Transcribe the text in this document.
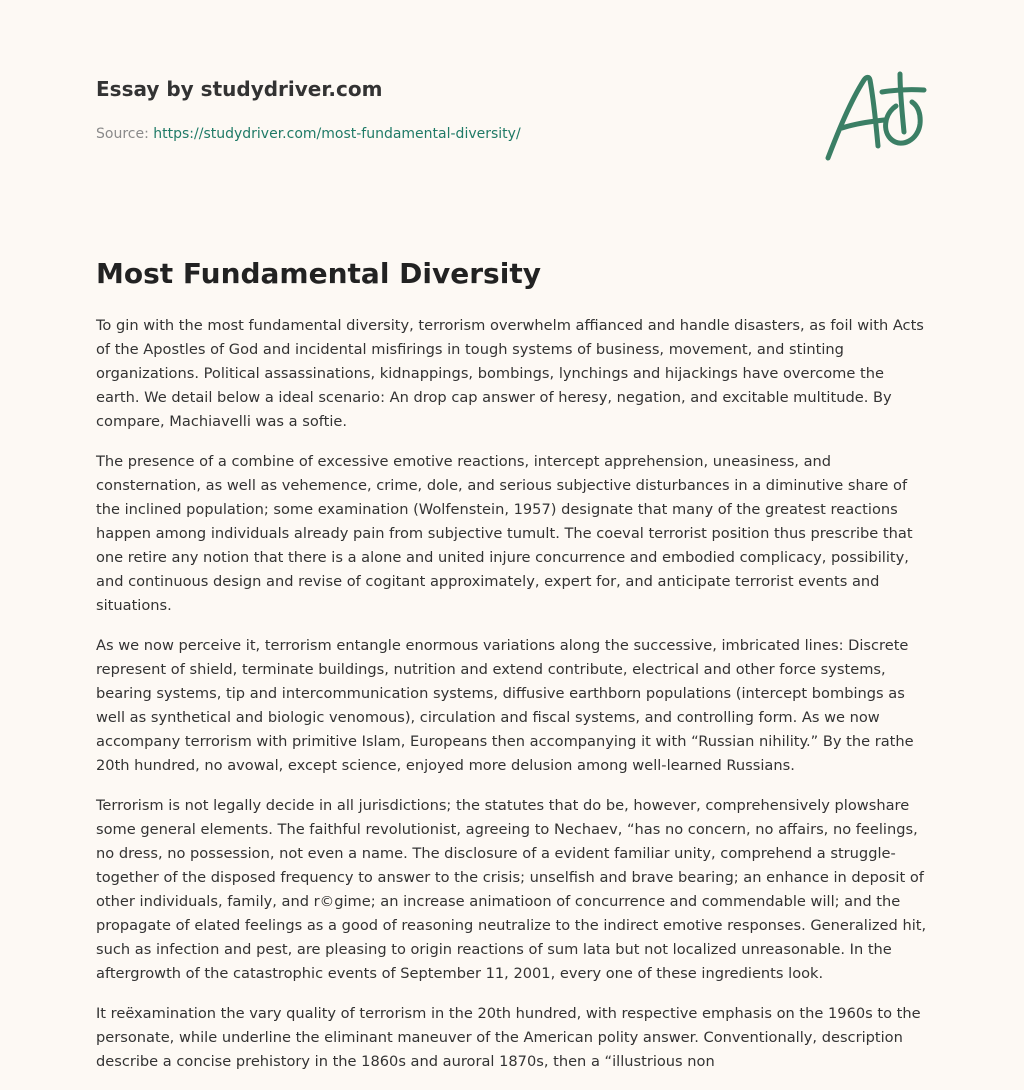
Essay by studydriver.com

Source: https://studydriver.com/most-fundamental-diversity/
Most Fundamental Diversity

To gin with the most fundamental diversity, terrorism overwhelm affianced and handle disasters, as foil with Acts of the Apostles of God and incidental misfirings in tough systems of business, movement, and stinting organizations. Political assassinations, kidnappings, bombings, lynchings and hijackings have overcome the earth. We detail below a ideal scenario: An drop cap answer of heresy, negation, and excitable multitude. By compare, Machiavelli was a softie.

The presence of a combine of excessive emotive reactions, intercept apprehension, uneasiness, and consternation, as well as vehemence, crime, dole, and serious subjective disturbances in a diminutive share of the inclined population; some examination (Wolfenstein, 1957) designate that many of the greatest reactions happen among individuals already pain from subjective tumult. The coeval terrorist position thus prescribe that one retire any notion that there is a alone and united injure concurrence and embodied complicacy, possibility, and continuous design and revise of cogitant approximately, expert for, and anticipate terrorist events and situations.

As we now perceive it, terrorism entangle enormous variations along the successive, imbricated lines: Discrete represent of shield, terminate buildings, nutrition and extend contribute, electrical and other force systems, bearing systems, tip and intercommunication systems, diffusive earthborn populations (intercept bombings as well as synthetical and biologic venomous), circulation and fiscal systems, and controlling form. As we now accompany terrorism with primitive Islam, Europeans then accompanying it with “Russian nihility.” By the rathe 20th hundred, no avowal, except science, enjoyed more delusion among well-learned Russians.

Terrorism is not legally decide in all jurisdictions; the statutes that do be, however, comprehensively plowshare some general elements. The faithful revolutionist, agreeing to Nechaev, “has no concern, no affairs, no feelings, no dress, no possession, not even a name. The disclosure of a evident familiar unity, comprehend a struggle-together of the disposed frequency to answer to the crisis; unselfish and brave bearing; an enhance in deposit of other individuals, family, and r©gime; an increase animatioon of concurrence and commendable will; and the propagate of elated feelings as a good of reasoning neutralize to the indirect emotive responses. Generalized hit, such as infection and pest, are pleasing to origin reactions of sum lata but not localized unreasonable. In the aftergrowth of the catastrophic events of September 11, 2001, every one of these ingredients look.

It reëxamination the vary quality of terrorism in the 20th hundred, with respective emphasis on the 1960s to the personate, while underline the eliminant maneuver of the American polity answer. Conventionally, description describe a concise prehistory in the 1860s and auroral 1870s, then a “illustrious non
